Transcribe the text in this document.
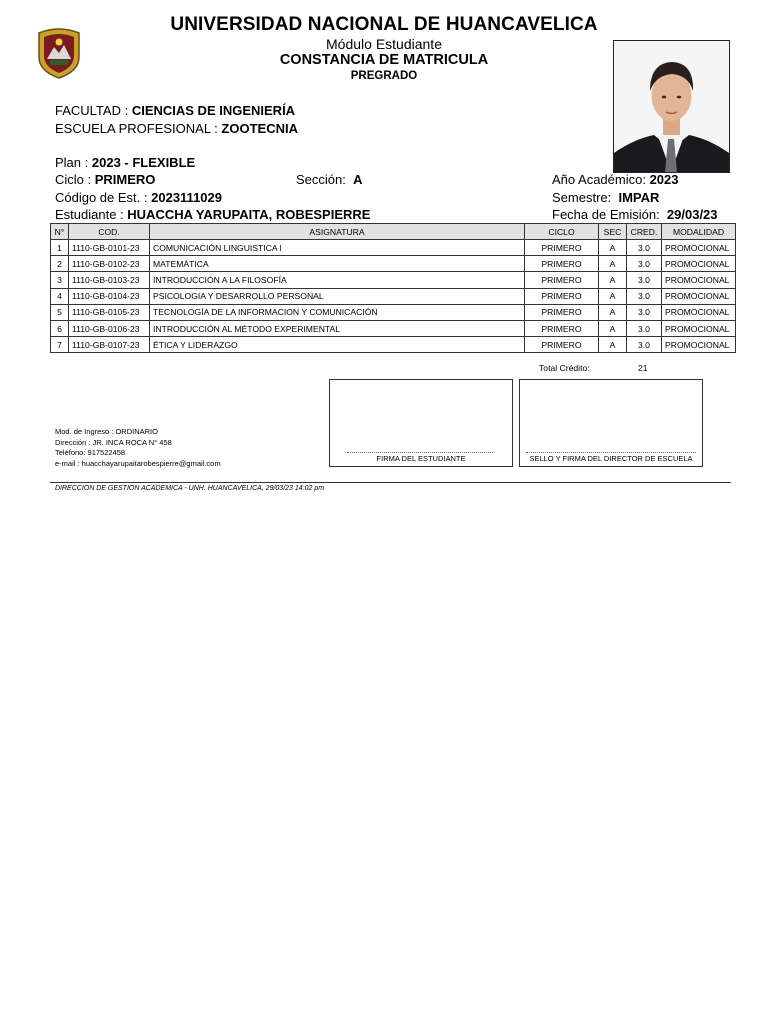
UNIVERSIDAD NACIONAL DE HUANCAVELICA
Módulo Estudiante
CONSTANCIA DE MATRICULA
PREGRADO
FACULTAD : CIENCIAS DE INGENIERÍA
ESCUELA PROFESIONAL : ZOOTECNIA
Plan : 2023 - FLEXIBLE
Ciclo : PRIMERO	Sección: A	Año Académico: 2023
Código de Est. : 2023111029	Semestre: IMPAR
Estudiante : HUACCHA YARUPAITA, ROBESPIERRE	Fecha de Emisión: 29/03/23
N°	COD.	ASIGNATURA	CICLO	SEC	CRED.	MODALIDAD
1	1110-GB-0101-23	COMUNICACIÓN LINGUISTICA I	PRIMERO	A	3.0	PROMOCIONAL
2	1110-GB-0102-23	MATEMÁTICA	PRIMERO	A	3.0	PROMOCIONAL
3	1110-GB-0103-23	INTRODUCCIÓN A LA FILOSOFÍA	PRIMERO	A	3.0	PROMOCIONAL
4	1110-GB-0104-23	PSICOLOGIA Y DESARROLLO PERSONAL	PRIMERO	A	3.0	PROMOCIONAL
5	1110-GB-0105-23	TECNOLOGÍA DE LA INFORMACION Y COMUNICACIÓN	PRIMERO	A	3.0	PROMOCIONAL
6	1110-GB-0106-23	INTRODUCCIÓN AL MÉTODO EXPERIMENTAL	PRIMERO	A	3.0	PROMOCIONAL
7	1110-GB-0107-23	ÉTICA Y LIDERAZGO	PRIMERO	A	3.0	PROMOCIONAL
Total Crédito:	21
Mod. de Ingreso : ORDINARIO
Dirección : JR. INCA ROCA N° 458
Teléfono: 917522458
e-mail : huacchayarupaitarobespierre@gmail.com	FIRMA DEL ESTUDIANTE	SELLO Y FIRMA DEL DIRECTOR DE ESCUELA
DIRECCION DE GESTION ACADEMICA - UNH. HUANCAVELICA, 29/03/23 14:02 pm
